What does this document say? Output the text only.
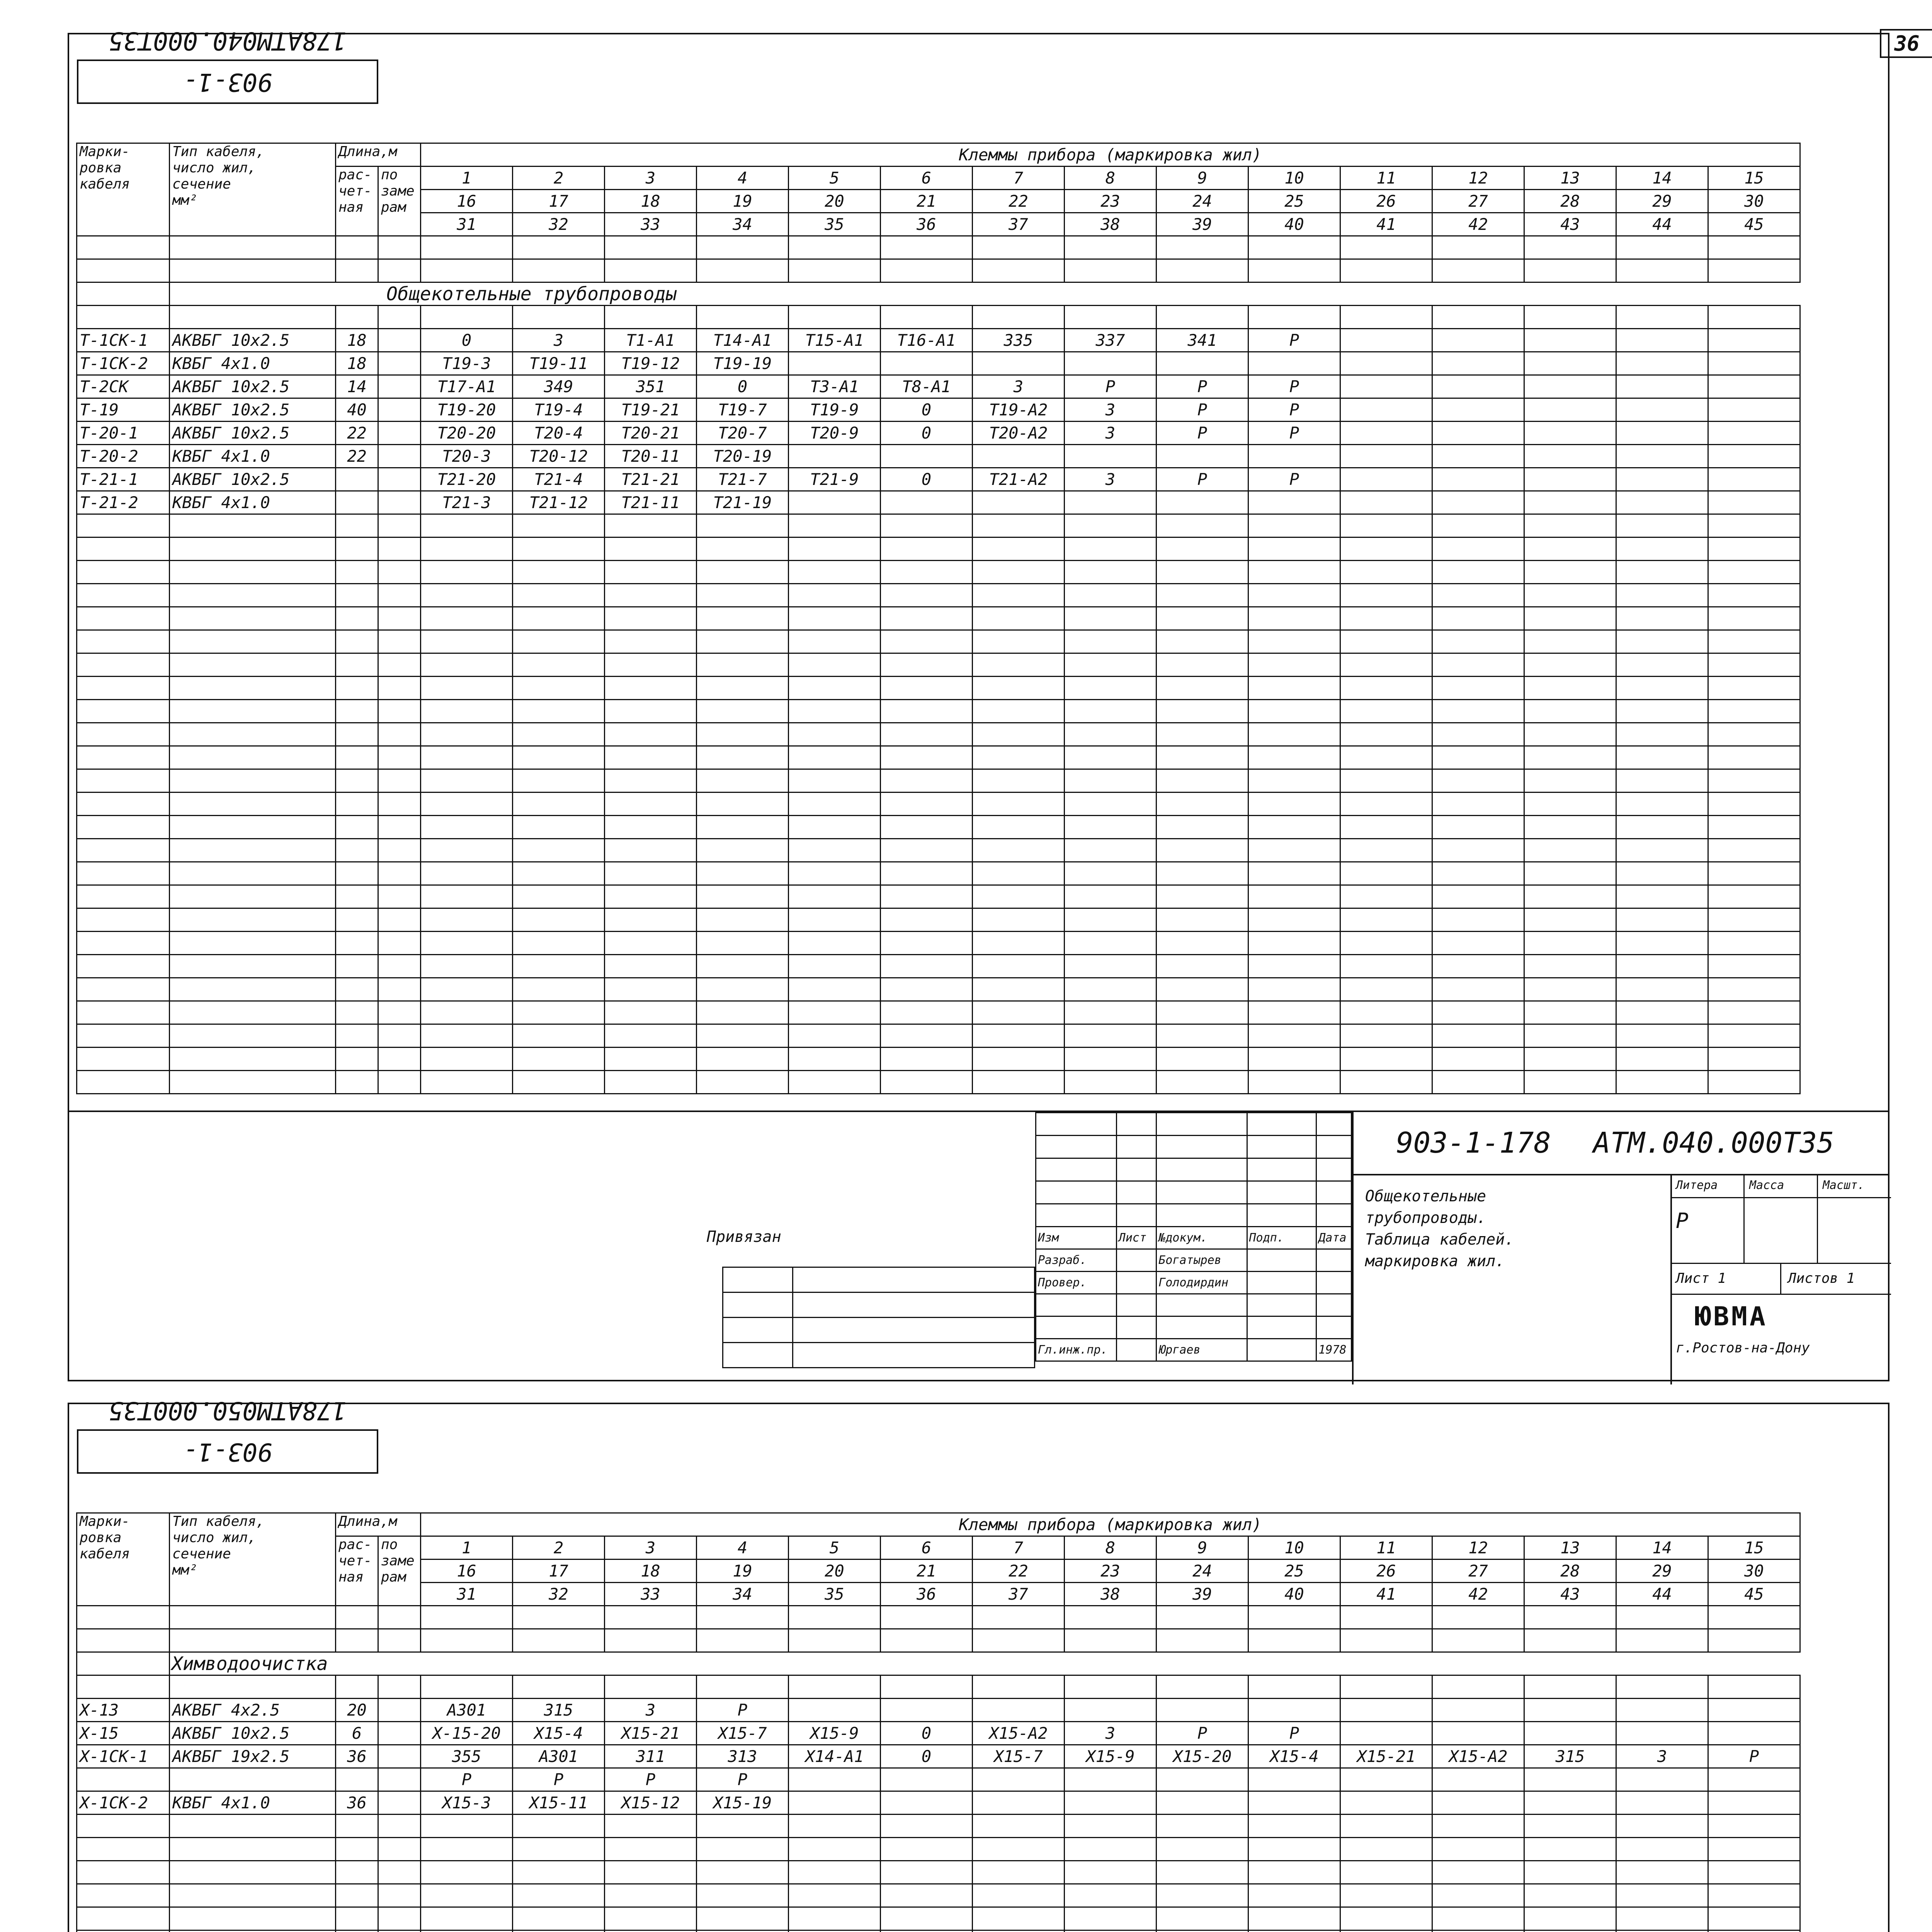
36
903-1-178АТМ040.000Т35
Марки-
ровка
кабеля	Тип кабеля,
число жил,
сечение
мм²	Длина,м		Клеммы прибора (маркировка жил)														
		рас-
чет-
ная	по
заме
рам	1	2	3	4	5	6	7	8	9	10	11	12	13	14	15
				16	17	18	19	20	21	22	23	24	25	26	27	28	29	30
				31	32	33	34	35	36	37	38	39	40	41	42	43	44	45

	Общекотельные трубопроводы																	

Т-1СК-1	АКВБГ 10х2.5	18		0	3	Т1-А1	Т14-А1	Т15-А1	Т16-А1	335	337	341	Р					
Т-1СК-2	КВБГ 4х1.0	18		Т19-3	Т19-11	Т19-12	Т19-19											
Т-2СК	АКВБГ 10х2.5	14		Т17-А1	349	351	0	Т3-А1	Т8-А1	3	Р	Р	Р					
Т-19	АКВБГ 10х2.5	40		Т19-20	Т19-4	Т19-21	Т19-7	Т19-9	0	Т19-А2	3	Р	Р					
Т-20-1	АКВБГ 10х2.5	22		Т20-20	Т20-4	Т20-21	Т20-7	Т20-9	0	Т20-А2	3	Р	Р					
Т-20-2	КВБГ 4х1.0	22		Т20-3	Т20-12	Т20-11	Т20-19											
Т-21-1	АКВБГ 10х2.5			Т21-20	Т21-4	Т21-21	Т21-7	Т21-9	0	Т21-А2	3	Р	Р					
Т-21-2	КВБГ 4х1.0			Т21-3	Т21-12	Т21-11	Т21-19											

Изм	Лист	№докум.	Подп.	Дата
Разраб.		Богатырев		
Провер.		Голодирдин		

Гл.инж.пр.		Юргаев		1978
Привязан

903-1-178 АТМ.040.000Т35
Общекотельные
трубопроводы.
Таблица кабелей.
маркировка жил.
Литера	Масса	Масшт.
Р
Лист 1	Листов 1
ЮВМА
г.Ростов-на-Дону
903-1-178АТМ050.000Т35
Марки-
ровка
кабеля	Тип кабеля,
число жил,
сечение
мм²	Длина,м		Клеммы прибора (маркировка жил)														
		рас-
чет-
ная	по
заме
рам	1	2	3	4	5	6	7	8	9	10	11	12	13	14	15
				16	17	18	19	20	21	22	23	24	25	26	27	28	29	30
				31	32	33	34	35	36	37	38	39	40	41	42	43	44	45

	Химводоочистка																	

Х-13	АКВБГ 4х2.5	20		А301	315	3	Р											
Х-15	АКВБГ 10х2.5	6		Х-15-20	Х15-4	Х15-21	Х15-7	Х15-9	0	Х15-А2	3	Р	Р					
Х-1СК-1	АКВБГ 19х2.5	36		355	А301	311	313	Х14-А1	0	Х15-7	Х15-9	Х15-20	Х15-4	Х15-21	Х15-А2	315	3	Р
				Р	Р	Р	Р											
Х-1СК-2	КВБГ 4х1.0	36		Х15-3	Х15-11	Х15-12	Х15-19											
